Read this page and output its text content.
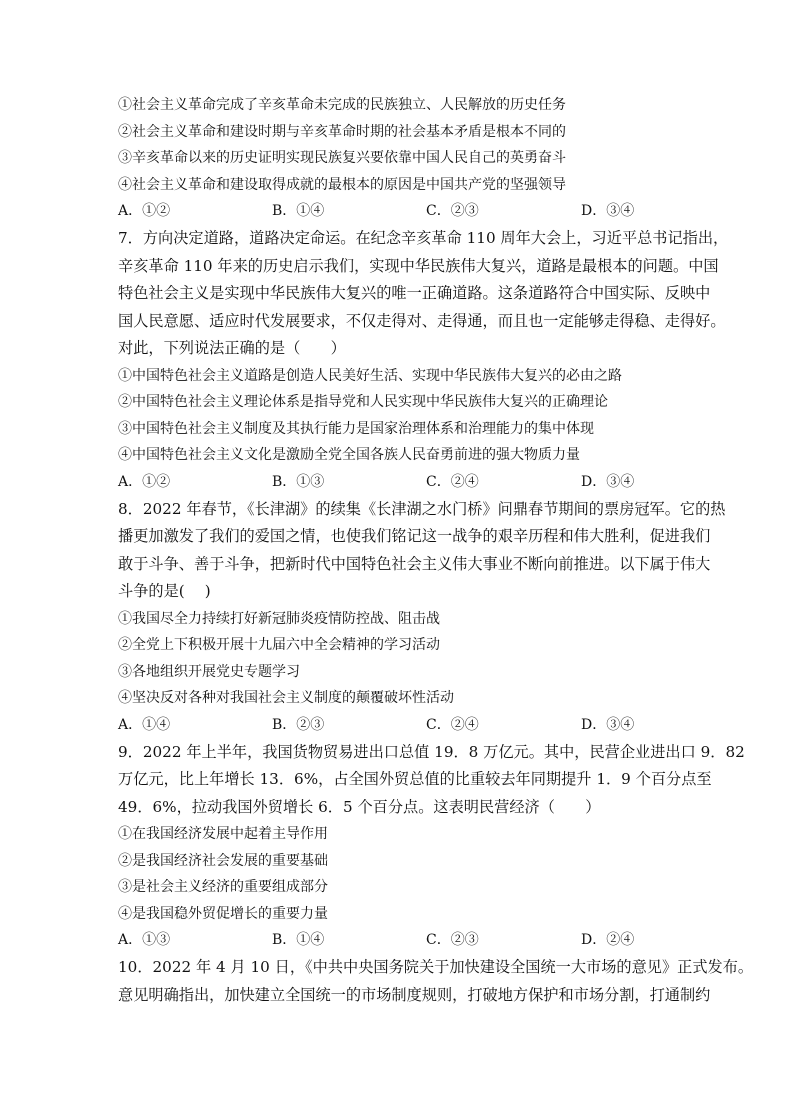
①社会主义革命完成了辛亥革命未完成的民族独立、人民解放的历史任务
②社会主义革命和建设时期与辛亥革命时期的社会基本矛盾是根本不同的
③辛亥革命以来的历史证明实现民族复兴要依靠中国人民自己的英勇奋斗
④社会主义革命和建设取得成就的最根本的原因是中国共产党的坚强领导
A．①②	B．①④	C．②③	D．③④
7．方向决定道路，道路决定命运。在纪念辛亥革命 110 周年大会上，习近平总书记指出，
辛亥革命 110 年来的历史启示我们，实现中华民族伟大复兴，道路是最根本的问题。中国
特色社会主义是实现中华民族伟大复兴的唯一正确道路。这条道路符合中国实际、反映中
国人民意愿、适应时代发展要求，不仅走得对、走得通，而且也一定能够走得稳、走得好。
对此，下列说法正确的是（　　）
①中国特色社会主义道路是创造人民美好生活、实现中华民族伟大复兴的必由之路
②中国特色社会主义理论体系是指导党和人民实现中华民族伟大复兴的正确理论
③中国特色社会主义制度及其执行能力是国家治理体系和治理能力的集中体现
④中国特色社会主义文化是激励全党全国各族人民奋勇前进的强大物质力量
A．①②	B．①③	C．②④	D．③④
8．2022 年春节，《长津湖》的续集《长津湖之水门桥》问鼎春节期间的票房冠军。它的热
播更加激发了我们的爱国之情，也使我们铭记这一战争的艰辛历程和伟大胜利，促进我们
敢于斗争、善于斗争，把新时代中国特色社会主义伟大事业不断向前推进。以下属于伟大
斗争的是(　 )
①我国尽全力持续打好新冠肺炎疫情防控战、阻击战
②全党上下积极开展十九届六中全会精神的学习活动
③各地组织开展党史专题学习
④坚决反对各种对我国社会主义制度的颠覆破坏性活动
A．①④	B．②③	C．②④	D．③④
9．2022 年上半年，我国货物贸易进出口总值 19．8 万亿元。其中，民营企业进出口 9．82
万亿元，比上年增长 13．6%，占全国外贸总值的比重较去年同期提升 1．9 个百分点至
49．6%，拉动我国外贸增长 6．5 个百分点。这表明民营经济（　　）
①在我国经济发展中起着主导作用
②是我国经济社会发展的重要基础
③是社会主义经济的重要组成部分
④是我国稳外贸促增长的重要力量
A．①③	B．①④	C．②③	D．②④
10．2022 年 4 月 10 日，《中共中央国务院关于加快建设全国统一大市场的意见》正式发布。
意见明确指出，加快建立全国统一的市场制度规则，打破地方保护和市场分割，打通制约
